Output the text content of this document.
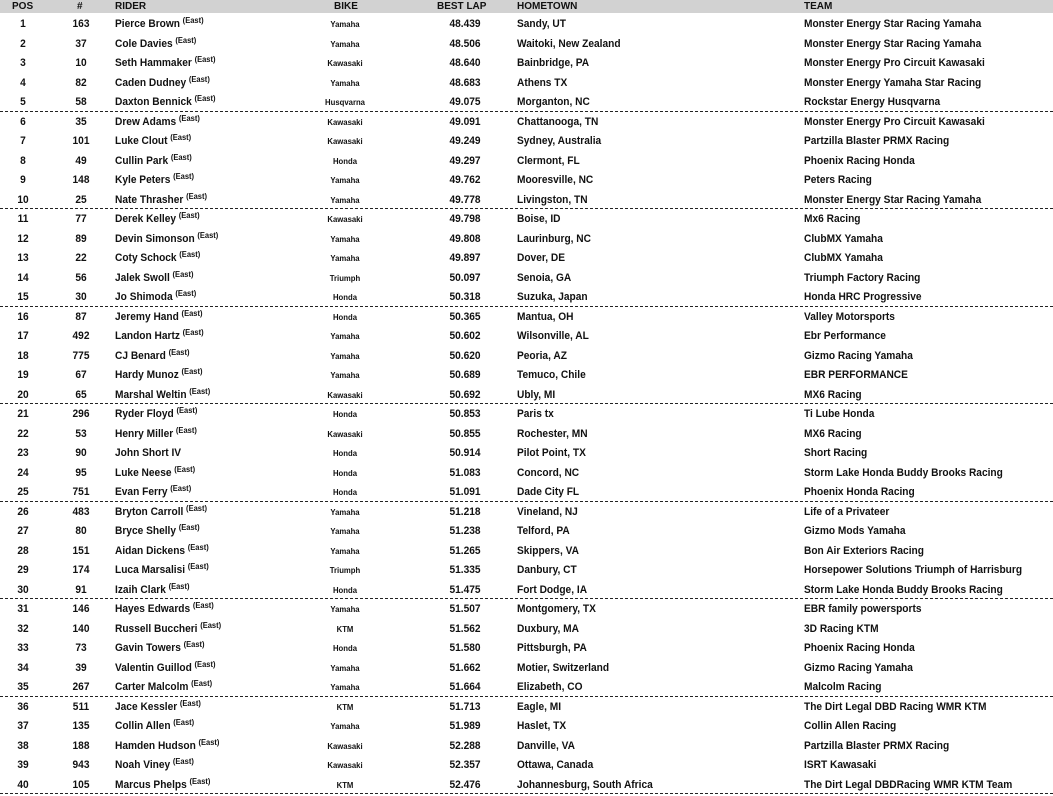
POS	#	RIDER	BIKE	BEST LAP	HOMETOWN	TEAM
1	163	Pierce Brown $^{(East)}$	Yamaha	48.439	Sandy, UT	Monster Energy Star Racing Yamaha
2	37	Cole Davies $^{(East)}$	Yamaha	48.506	Waitoki, New Zealand	Monster Energy Star Racing Yamaha
3	10	Seth Hammaker $^{(East)}$	Kawasaki	48.640	Bainbridge, PA	Monster Energy Pro Circuit Kawasaki
4	82	Caden Dudney $^{(East)}$	Yamaha	48.683	Athens TX	Monster Energy Yamaha Star Racing
5	58	Daxton Bennick $^{(East)}$	Husqvarna	49.075	Morganton, NC	Rockstar Energy Husqvarna
6	35	Drew Adams $^{(East)}$	Kawasaki	49.091	Chattanooga, TN	Monster Energy Pro Circuit Kawasaki
7	101	Luke Clout $^{(East)}$	Kawasaki	49.249	Sydney, Australia	Partzilla Blaster PRMX Racing
8	49	Cullin Park $^{(East)}$	Honda	49.297	Clermont, FL	Phoenix Racing Honda
9	148	Kyle Peters $^{(East)}$	Yamaha	49.762	Mooresville, NC	Peters Racing
10	25	Nate Thrasher $^{(East)}$	Yamaha	49.778	Livingston, TN	Monster Energy Star Racing Yamaha
11	77	Derek Kelley $^{(East)}$	Kawasaki	49.798	Boise, ID	Mx6 Racing
12	89	Devin Simonson $^{(East)}$	Yamaha	49.808	Laurinburg, NC	ClubMX Yamaha
13	22	Coty Schock $^{(East)}$	Yamaha	49.897	Dover, DE	ClubMX Yamaha
14	56	Jalek Swoll $^{(East)}$	Triumph	50.097	Senoia, GA	Triumph Factory Racing
15	30	Jo Shimoda $^{(East)}$	Honda	50.318	Suzuka, Japan	Honda HRC Progressive
16	87	Jeremy Hand $^{(East)}$	Honda	50.365	Mantua, OH	Valley Motorsports
17	492	Landon Hartz $^{(East)}$	Yamaha	50.602	Wilsonville, AL	Ebr Performance
18	775	CJ Benard $^{(East)}$	Yamaha	50.620	Peoria, AZ	Gizmo Racing Yamaha
19	67	Hardy Munoz $^{(East)}$	Yamaha	50.689	Temuco, Chile	EBR PERFORMANCE
20	65	Marshal Weltin $^{(East)}$	Kawasaki	50.692	Ubly, MI	MX6 Racing
21	296	Ryder Floyd $^{(East)}$	Honda	50.853	Paris tx	Ti Lube Honda
22	53	Henry Miller $^{(East)}$	Kawasaki	50.855	Rochester, MN	MX6 Racing
23	90	John Short IV	Honda	50.914	Pilot Point, TX	Short Racing
24	95	Luke Neese $^{(East)}$	Honda	51.083	Concord, NC	Storm Lake Honda Buddy Brooks Racing
25	751	Evan Ferry $^{(East)}$	Honda	51.091	Dade City FL	Phoenix Honda Racing
26	483	Bryton Carroll $^{(East)}$	Yamaha	51.218	Vineland, NJ	Life of a Privateer
27	80	Bryce Shelly $^{(East)}$	Yamaha	51.238	Telford, PA	Gizmo Mods Yamaha
28	151	Aidan Dickens $^{(East)}$	Yamaha	51.265	Skippers, VA	Bon Air Exteriors Racing
29	174	Luca Marsalisi $^{(East)}$	Triumph	51.335	Danbury, CT	Horsepower Solutions Triumph of Harrisburg
30	91	Izaih Clark $^{(East)}$	Honda	51.475	Fort Dodge, IA	Storm Lake Honda Buddy Brooks Racing
31	146	Hayes Edwards $^{(East)}$	Yamaha	51.507	Montgomery, TX	EBR family powersports
32	140	Russell Buccheri $^{(East)}$	KTM	51.562	Duxbury, MA	3D Racing KTM
33	73	Gavin Towers $^{(East)}$	Honda	51.580	Pittsburgh, PA	Phoenix Racing Honda
34	39	Valentin Guillod $^{(East)}$	Yamaha	51.662	Motier, Switzerland	Gizmo Racing Yamaha
35	267	Carter Malcolm $^{(East)}$	Yamaha	51.664	Elizabeth, CO	Malcolm Racing
36	511	Jace Kessler $^{(East)}$	KTM	51.713	Eagle, MI	The Dirt Legal DBD Racing WMR KTM
37	135	Collin Allen $^{(East)}$	Yamaha	51.989	Haslet, TX	Collin Allen Racing
38	188	Hamden Hudson $^{(East)}$	Kawasaki	52.288	Danville, VA	Partzilla Blaster PRMX Racing
39	943	Noah Viney $^{(East)}$	Kawasaki	52.357	Ottawa, Canada	ISRT Kawasaki
40	105	Marcus Phelps $^{(East)}$	KTM	52.476	Johannesburg, South Africa	The Dirt Legal DBDRacing WMR KTM Team
